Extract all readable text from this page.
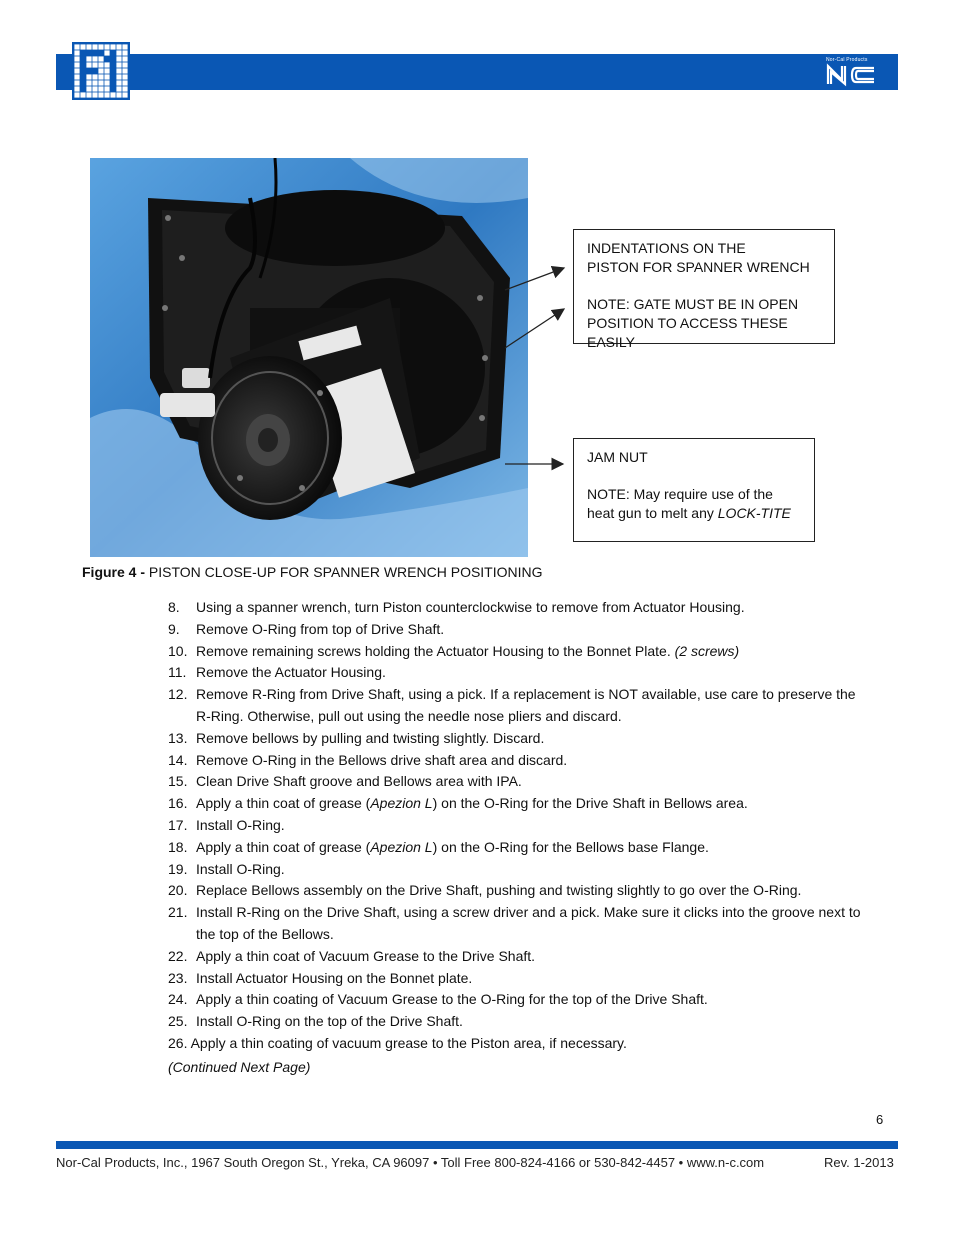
Nor-Cal Products

INDENTATIONS ON THE

PISTON FOR SPANNER WRENCH

NOTE: GATE MUST BE IN OPEN

POSITION TO ACCESS THESE EASILY

JAM NUT

NOTE: May require use of the

heat gun to melt any LOCK-TITE

Figure 4 - PISTON CLOSE-UP FOR SPANNER WRENCH POSITIONING
8. Using a spanner wrench, turn Piston counterclockwise to remove from Actuator Housing.
9. Remove O-Ring from top of Drive Shaft.
10. Remove remaining screws holding the Actuator Housing to the Bonnet Plate. (2 screws)
11. Remove the Actuator Housing.
12. Remove R-Ring from Drive Shaft, using a pick. If a replacement is NOT available, use care to preserve the R-Ring. Otherwise, pull out using the needle nose pliers and discard.
13. Remove bellows by pulling and twisting slightly. Discard.
14. Remove O-Ring in the Bellows drive shaft area and discard.
15. Clean Drive Shaft groove and Bellows area with IPA.
16. Apply a thin coat of grease (Apezion L) on the O-Ring for the Drive Shaft in Bellows area.
17. Install O-Ring.
18. Apply a thin coat of grease (Apezion L) on the O-Ring for the Bellows base Flange.
19. Install O-Ring.
20. Replace Bellows assembly on the Drive Shaft, pushing and twisting slightly to go over the O-Ring.
21. Install R-Ring on the Drive Shaft, using a screw driver and a pick. Make sure it clicks into the groove next to the top of the Bellows.
22. Apply a thin coat of Vacuum Grease to the Drive Shaft.
23. Install Actuator Housing on the Bonnet plate.
24. Apply a thin coating of Vacuum Grease to the O-Ring for the top of the Drive Shaft.
25. Install O-Ring on the top of the Drive Shaft.
26. Apply a thin coating of vacuum grease to the Piston area, if necessary.
(Continued Next Page)
6
Nor-Cal Products, Inc., 1967 South Oregon St., Yreka, CA 96097 • Toll Free 800-824-4166 or 530-842-4457 • www.n-c.com	Rev. 1-2013
